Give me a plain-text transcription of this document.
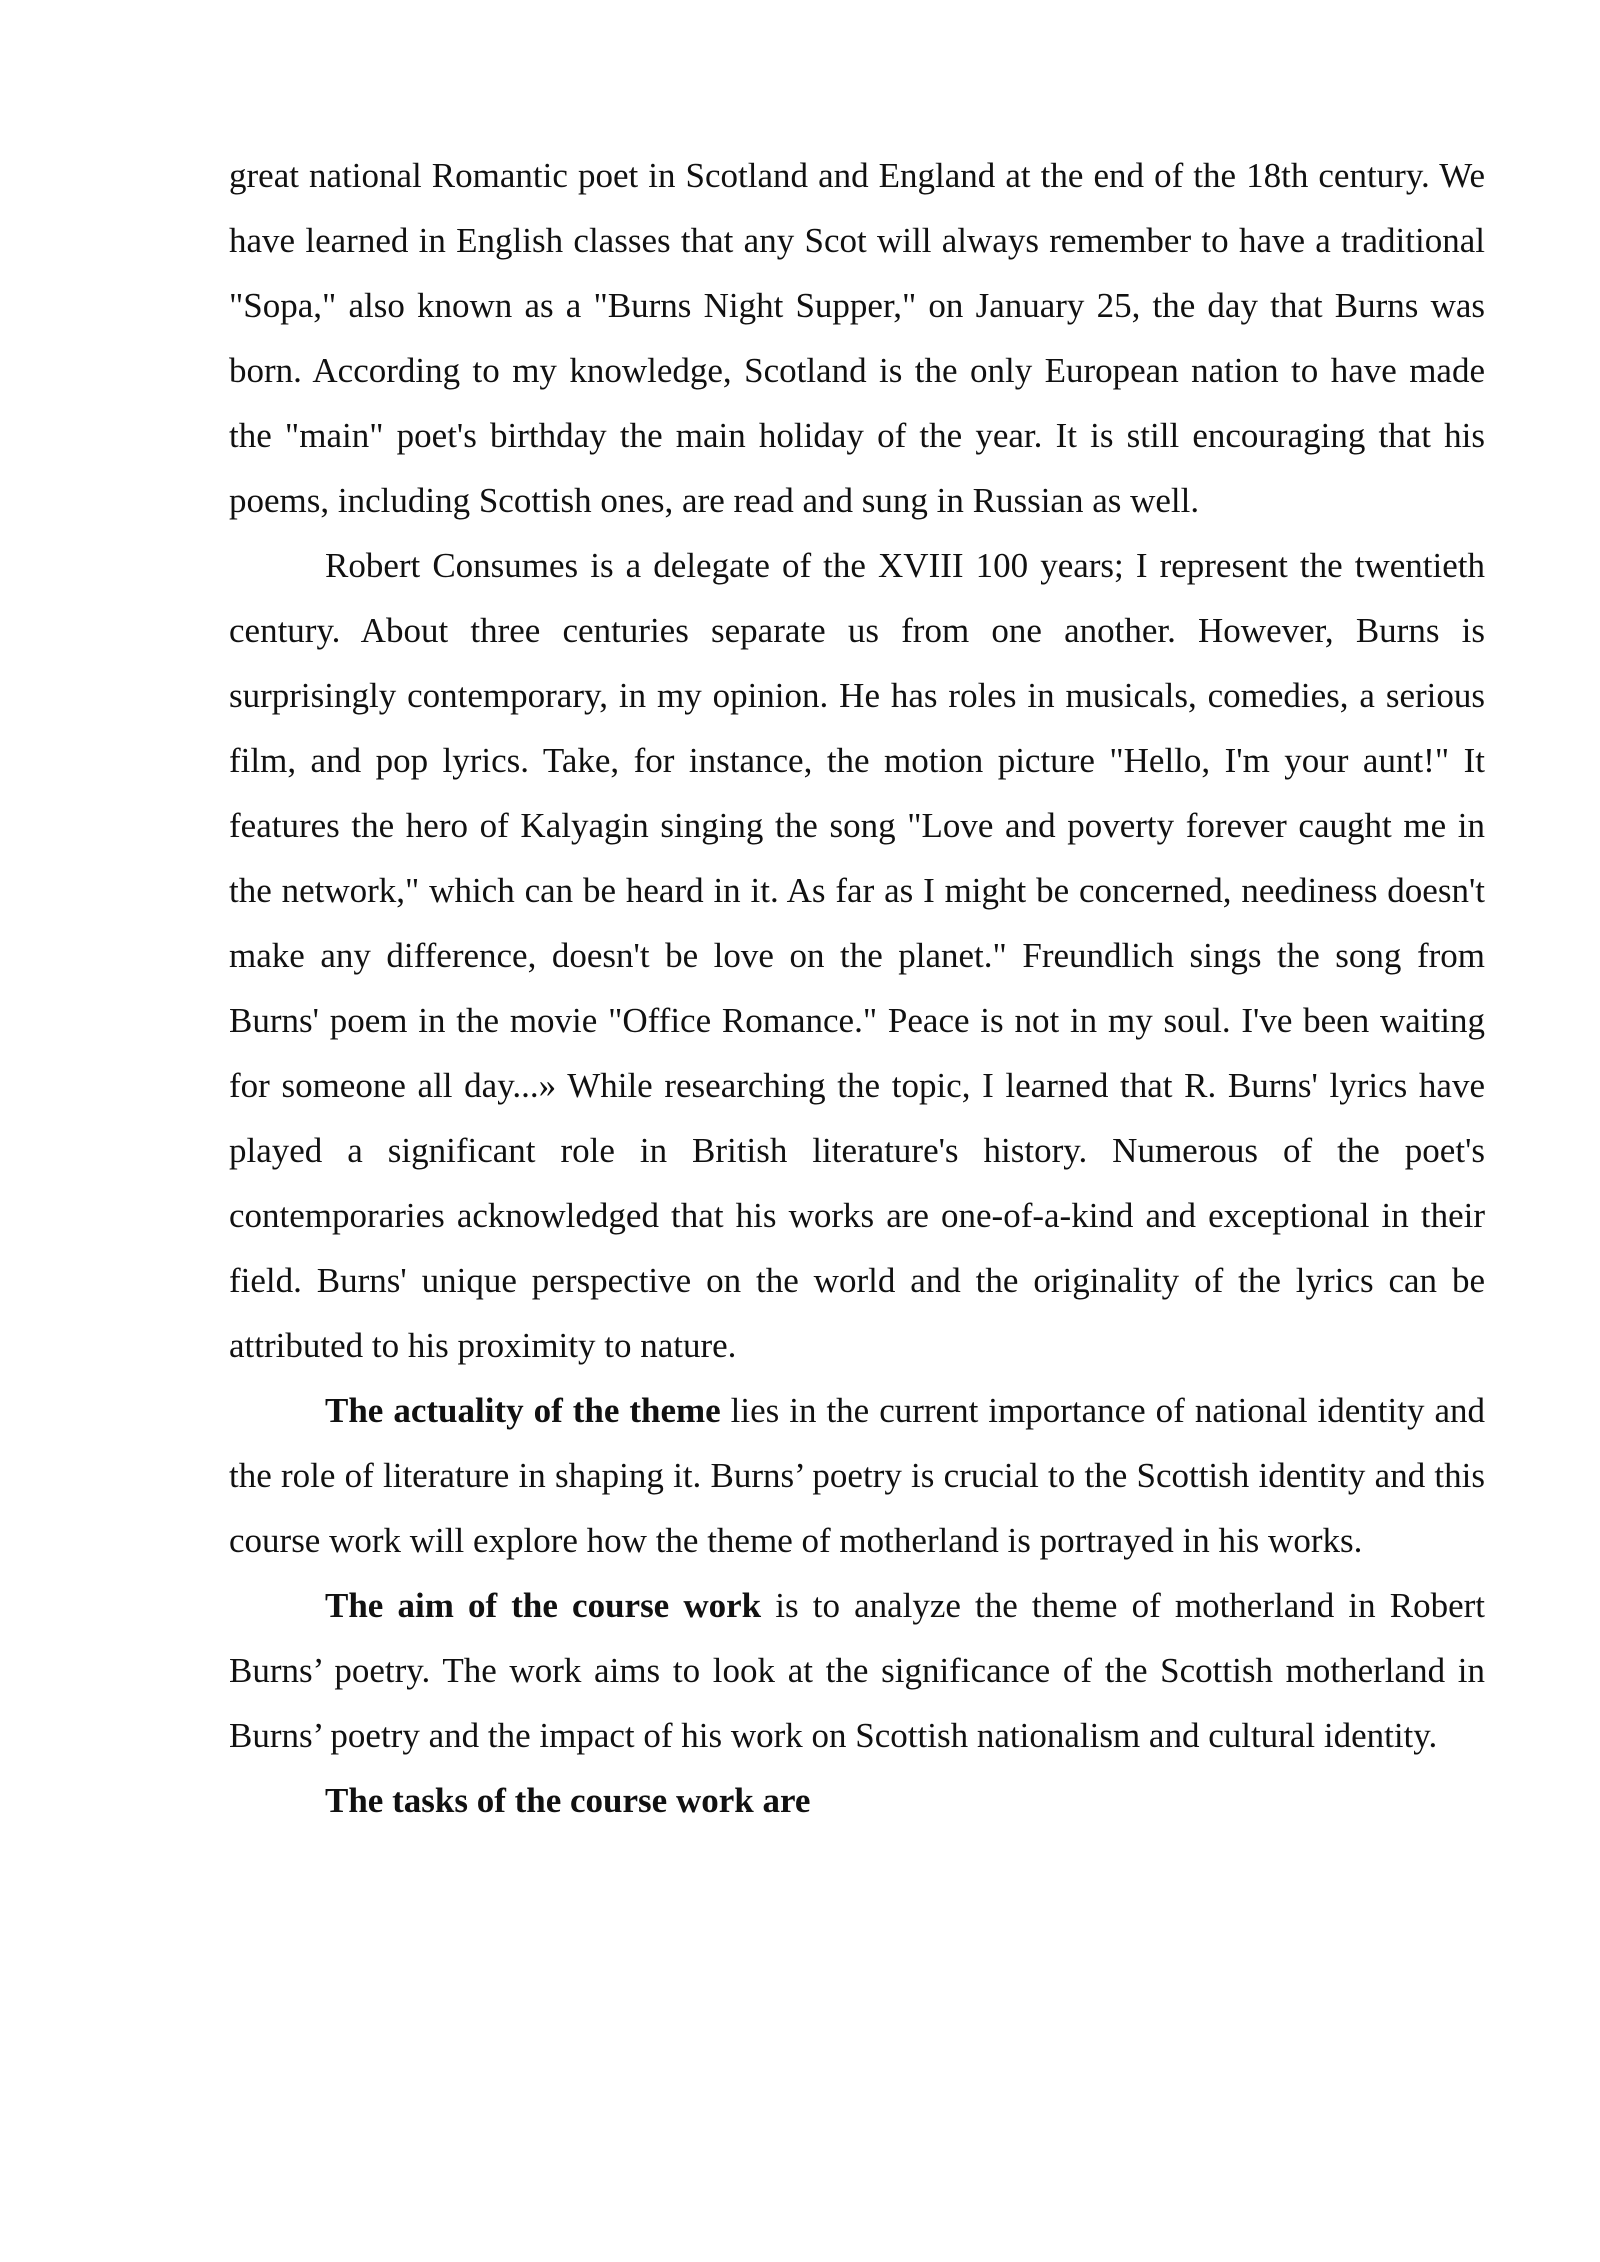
great national Romantic poet in Scotland and England at the end of the 18th century. We have learned in English classes that any Scot will always remember to have a traditional "Sopa," also known as a "Burns Night Supper," on January 25, the day that Burns was born. According to my knowledge, Scotland is the only European nation to have made the "main" poet's birthday the main holiday of the year. It is still encouraging that his poems, including Scottish ones, are read and sung in Russian as well.

Robert Consumes is a delegate of the XVIII 100 years; I represent the twentieth century. About three centuries separate us from one another. However, Burns is surprisingly contemporary, in my opinion. He has roles in musicals, comedies, a serious film, and pop lyrics. Take, for instance, the motion picture "Hello, I'm your aunt!" It features the hero of Kalyagin singing the song "Love and poverty forever caught me in the network," which can be heard in it. As far as I might be concerned, neediness doesn't make any difference, doesn't be love on the planet." Freundlich sings the song from Burns' poem in the movie "Office Romance." Peace is not in my soul. I've been waiting for someone all day...» While researching the topic, I learned that R. Burns' lyrics have played a significant role in British literature's history. Numerous of the poet's contemporaries acknowledged that his works are one-of-a-kind and exceptional in their field. Burns' unique perspective on the world and the originality of the lyrics can be attributed to his proximity to nature.

The actuality of the theme lies in the current importance of national identity and the role of literature in shaping it. Burns’ poetry is crucial to the Scottish identity and this course work will explore how the theme of motherland is portrayed in his works.

The aim of the course work is to analyze the theme of motherland in Robert Burns’ poetry. The work aims to look at the significance of the Scottish motherland in Burns’ poetry and the impact of his work on Scottish nationalism and cultural identity.

The tasks of the course work are
